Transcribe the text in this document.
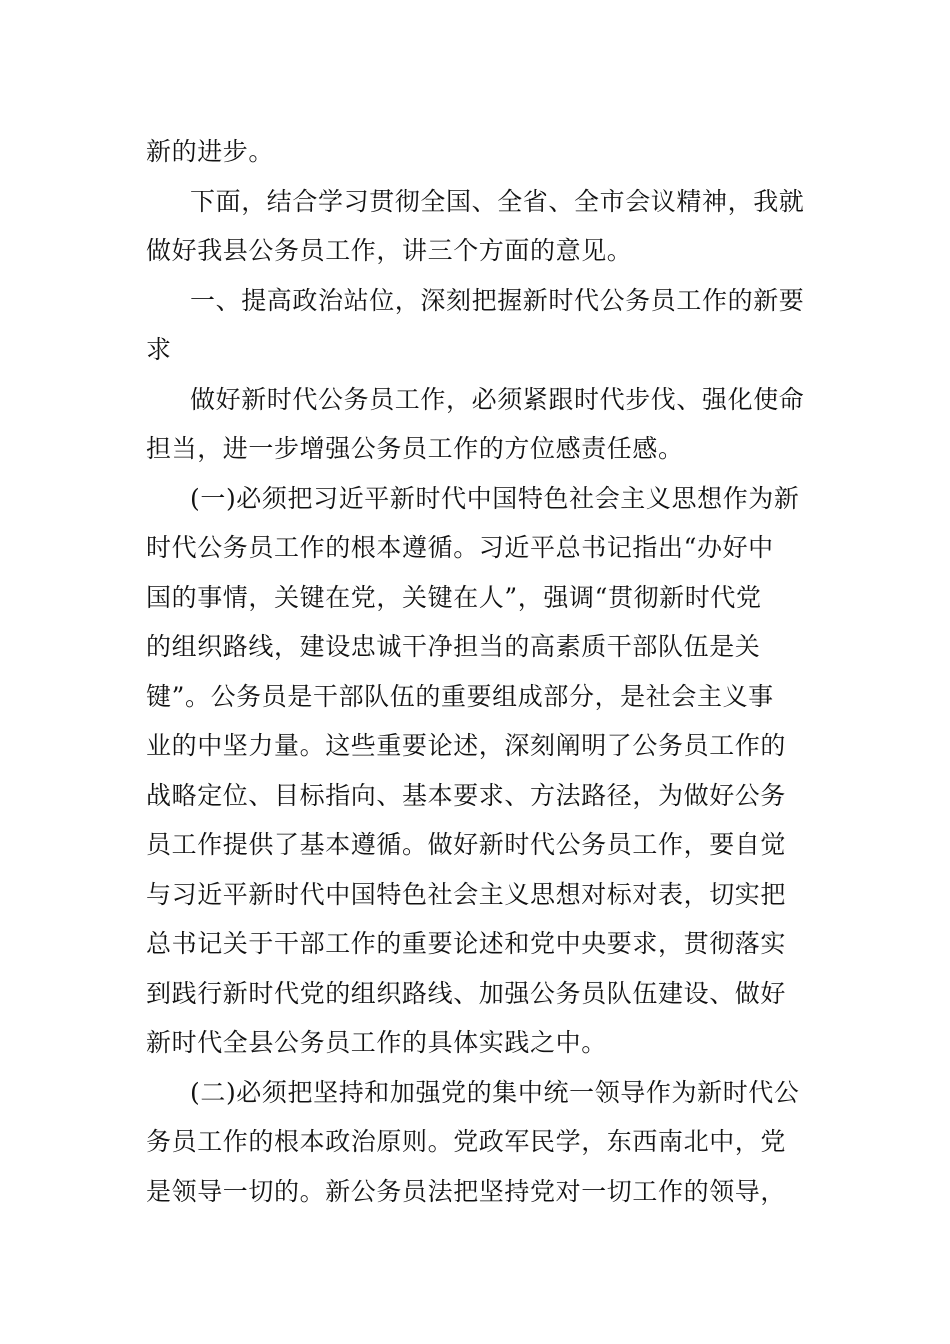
新的进步。
下面，结合学习贯彻全国、全省、全市会议精神，我就
做好我县公务员工作，讲三个方面的意见。
一、提高政治站位，深刻把握新时代公务员工作的新要
求
做好新时代公务员工作，必须紧跟时代步伐、强化使命
担当，进一步增强公务员工作的方位感责任感。
(一)必须把习近平新时代中国特色社会主义思想作为新
时代公务员工作的根本遵循。习近平总书记指出“办好中
国的事情，关键在党，关键在人”，强调“贯彻新时代党
的组织路线，建设忠诚干净担当的高素质干部队伍是关
键”。公务员是干部队伍的重要组成部分，是社会主义事
业的中坚力量。这些重要论述，深刻阐明了公务员工作的
战略定位、目标指向、基本要求、方法路径，为做好公务
员工作提供了基本遵循。做好新时代公务员工作，要自觉
与习近平新时代中国特色社会主义思想对标对表，切实把
总书记关于干部工作的重要论述和党中央要求，贯彻落实
到践行新时代党的组织路线、加强公务员队伍建设、做好
新时代全县公务员工作的具体实践之中。
(二)必须把坚持和加强党的集中统一领导作为新时代公
务员工作的根本政治原则。党政军民学，东西南北中，党
是领导一切的。新公务员法把坚持党对一切工作的领导，
